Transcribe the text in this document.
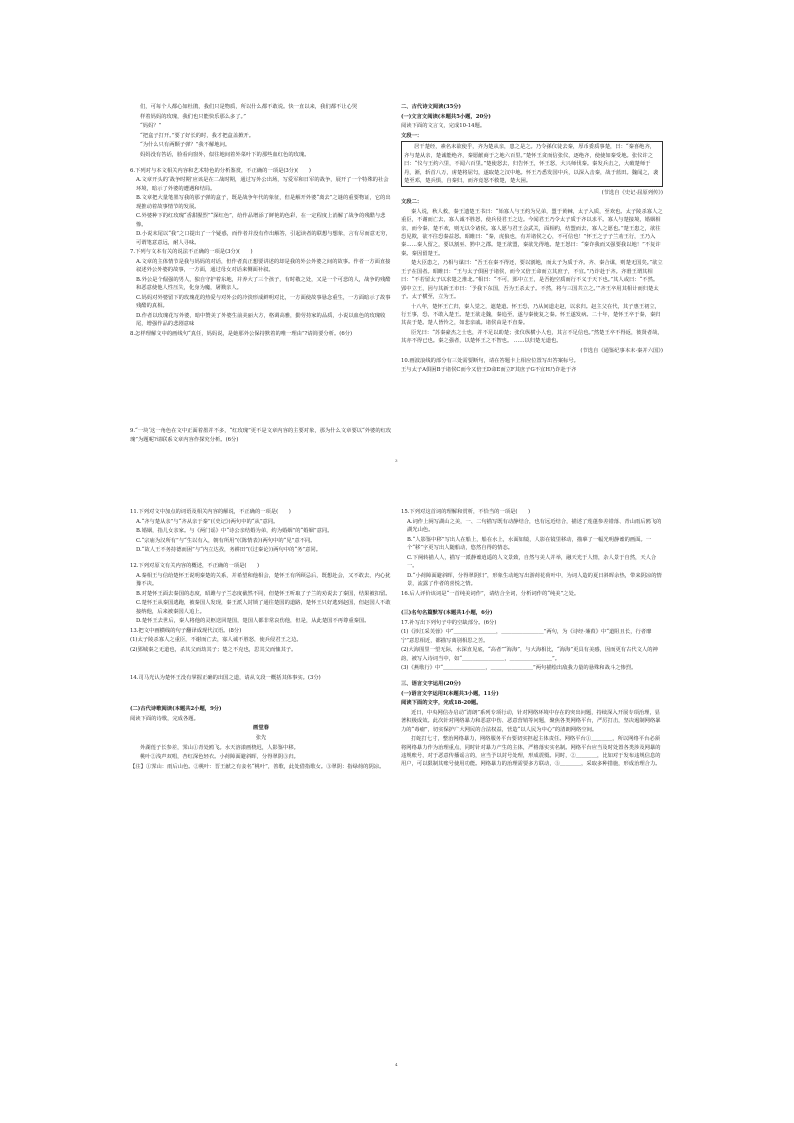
们，可每个人都心如杜鹃，我们只是物质，所以什么都不敢说。快一直以来，我们都不让心哭

样着妈妈的玫瑰，我们也只能快乐那么多了。”

“妈妈？”

“把盒子打开。”要了好长的时，我才把盒盖掀开。

“为什么只有两颗子弹？”我不解地问。

妈妈没有答话，脸看向窗外，似往地间着外菜叶下的那些血红色的玫瑰。

6.下列对与本文相关内容和艺术特色的分析鉴赏，不正确的一项是(3分)(　　)

A.文章开头的‘战争时期’应该是在二战时期，通过写外公出场，写爱军和日军的战争，展开了一个特殊的社会环境，暗示了外婆的遭遇和结局。

B.文章把大量笔墨写我的那子弹的盒子，既是战争年代的象征，但是解开外婆“离去”之谜的重要物证，它的出现推动着故事情节的发展。

C.外婆种下的红玫瑰“香甜腥烈”“深红色”，给作品增添了鲜艳的色彩，在一定程度上消解了战争的残酷与悲惨。

D.小说末尾以“我”之口提出了一个疑惑，而作者并没有作出解答，引起读者的联想与想象，言有尽而意无穷，可谓笔意意远，耐人寻味。

7.下列与文本有关的说法不正确的一项是(3分)(　　)

A.文章的主体情节是我与妈妈的对话，但作者真正想要讲述的却是我的外公外婆之间的故事。作者一方面直接叙述外公外婆的故事，一方面，通过母女对话来侧面补叙。

B.外公是个倔强的男人，独自守护着东地，并养大了三个孩子，有时敬之处，又是一个可悲的人，战争的残酷和恶意使他人性压失，化身为魔，屠戮亲人。

C.妈妈对外婆留下的玫瑰花的热爱与对外公的冷淡形成鲜明对比，一方面使故事悬念重生，一方面暗示了故事残酷的真相。

D.作者以玫瑰花写外婆，暗中赞美了外婆生前美丽大方，格调高雅，勤劳持家的品质，小说以血色的玫瑰收尾，增强作品的悲剧意味

8.怎样理解文中的画线句“真任，妈妈说，是她那外公保持默着的唯一理由”?请简要分析。(6分)

9.“一块‘这一角色在文中正面着墨并不多，“红玫瑰”更不是文章内容的主要对象，那为什么文章要以“外婆的红玫瑰”为题呢?请联系文章内容作探究分析。(6分)

二、古代诗文阅读(35分)

(一)文言文阅读(本题共5小题，20分)

阅读下面的文言文，完成10-14题。

文段一：

居干楚经，素名未欲使乎，齐为楚从亲，患之是之。乃令孫仪徒去秦，厚币委质事楚，曰：“秦喜绝齐，齐与楚从亲，楚诚能绝齐，秦愿献商于之地六百里。”楚怀王贪而信张仪，逐绝齐，使使如秦受地。张仪许之曰：“仪与王约六里，不闻六百里。”楚使怒去，归告怀王，怀王怒，大兴师伐秦。秦发兵击之，大破楚师于丹，淅，斩首八万，虏楚将屈匄，遂取楚之汉中地。怀王乃悉发国中兵，以深入击秦，战于蓝田。魏闻之，袭楚至邓，楚兵惧，自秦归，而齐竟怒不救楚，楚大困。

(节选自《史记·屈原列传》)

文段二：

秦人说，秋人救，秦王遗楚王书曰：“始寡人与王约为兄弟，盟于黄棘，太子入质，至欢也。太子陵杀寡人之重臣，不谢而亡去，寡人诚不胜怒，使兵侵君王之边。今闻君王乃令太子质于齐以求平。寡人与楚接境，婚姻相亲，而今秦、楚不欢，则无以令诸侯。寡人愿与君王会武关，面相约，结盟而去，寡人之愿也。”楚王患之，欲往恐见欺，欲不往恐秦益怒。昭睢曰：“秦，虎狼也，有并诸侯之心，不可信也！”怀王之子子兰劝王行，王乃入秦……秦人留之，要以割巫、黔中之郡。楚王欲盟，秦欲先得地。楚王怒曰：“秦诈我而又强要我以地！”不复许秦。秦因留楚王。

楚大臣患之，乃相与谋曰：“吾王在秦不得还，要以割地，而太子为质于齐。齐、秦合谋，则楚无国矣。”欲立王子在国者。昭睢曰：“王与太子俱困于诸侯，而今又倍王命而立其庶子，不宜。”乃诈赴于齐。齐湣王谓其相曰：“不若留太子以求楚之淮北。”相曰：“不可，郢中立王，是吾抱空质而行不义于天下也。”其人或曰：“不然。郢中立王，因与其新王市曰：‘予我下东国，吾为王杀太子。不然，将与三国共立之。’”齐王卒用其相计而归楚太子。太子横至，立为王。

十八年，楚怀王亡归，秦人觉之，遮楚道。怀王恐，乃从间道走赵，以求归。赵主父在代，其子惠王初立，行王事，恐，不敢入楚王。楚王欲走魏，秦追至，遂与秦使复之秦。怀王遂发病。二十年，楚怀王卒于秦，秦归其丧于楚。楚人皆怜之，如悲亲戚。诸侯由是不直秦。

臣光曰：“苏秦豪杰之士也，并不足以助楚；张仪纵横小人也，其言不足信也。”然楚王卒不得返，彼贤者哉，其亦不得已也。秦之强者，以楚怀王之不智也。 ……以归楚无道也。

(节选自《通鉴纪事本末·秦并六国》)

10.画波浪线的部分有三处需要断句，请在答题卡上相应位置写出答案标号。

王与太子A俱困B于诸侯C而今又倍王D命E而立F其庶子G不宜H乃诈赴于齐

3

11.下列对文中加点的词语及相关内容的解说，不正确的一项是(　　)

A.“齐与楚从亲”与“齐从亲于秦”(《史记》)两句中的“从”意同。

B.婚姻，指儿女亲家。与《两门谣》中“诗公亲结婚为弟，约为婚姻”的“婚姻”意同。

C.“宗庙为汉所有”与“生以有入，朝有所用”(《陈情表》)两句中的“见”意不同。

D.“故人王不务持德而困”与“内立达孜，务耕田”(《过秦论》)两句中的“务”意同。

12.下列对原文有关内容的概述，不正确的一项是(　　)

A.秦相王与信给楚怀王说明秦楚的关系，并希望和他相会，楚怀王有所顾忌后，既想赴会，又不敢去，内心犹豫不决。

B.对楚怀王面去秦国的态度，昭雎与子兰态度截然不同，但楚怀王听取了子兰的劝说去了秦国，结果被扣留。

C.楚怀王从秦国逃跑，被秦国人发现，秦王派人封锁了通往楚国的道路，楚怀王只好逃到赵国，但赵国人不敢接纳他，后来被秦国人追上。

D.楚怀王去世后，秦人将他的灵柩送回楚国，楚国人都非常哀伤他，但是，从此楚国不再尊重秦国。

13.把文中画横线的句子翻译成现代汉语。(8分)

(1)太子陵杀寡人之重臣，不谢而亡去，寡人诚不胜怒，使兵侵君王之边。

(2)郢城秦之无道也，杀其父而劫其子；楚之不克也，思其父而恤其子。

14.司马光认为楚怀王没有掌握正确的出国之道，请从文段一概括其体事实。(3分)

(二)古代诗歌阅读(本题共2小题，9分)

阅读下面的诗歌，完成各题。

画堂春

张先

外湖莲子长参差，霁山①青处鸥飞。水天溶漾画桡迟，人影鉴中移。

桃叶②浅声双唱，杏红深色轻衣。小荷障面避斜晖，分得翠阴③归。

【注】①霁山：雨后山色。②桃叶：晋王献之有妾名“桃叶”，善歌，此处借指歌女。③翠阴：指绿荷的阴凉。

15.下列对这首词的理解和赏析，不恰当的一项是(　　)

A.词作上阕写湖山之美，一、二句描写既有动静结合，也有远近结合，描述了莲蓬参差错落、青山雨后鸥飞的湖光山色。

B.“人影鉴中移”写出人在船上，船在水上，水面如镜，人影在镜里移动，描摹了一幅光明静谧的画面。一个“移”字更写出人随船动，悠然自得的情态。

C.下阕转描人人，描写一派静谧逍遥的人文景致，自然与美人并举，融天光于人情，杂人景于自然，天人合一。

D.“小荷障面避斜晖，分得翠阴归”，形象生动地写出游荷花荷叶中，为词人造的夏日斜晖余热，带来阴凉的情景，流露了作者的喜悦之情。

16.后人评价该词是“一首纯美词作”，请结合全词，分析词作的“纯美”之处。

(三)名句名篇默写(本题共1小题，6分)

17.补写出下列句子中的空缺部分。(6分)

(1)《涉江采芙蓉》中“＿＿＿＿＿＿＿＿，＿＿＿＿＿＿＿＿”两句，为《诗经·蒹葭》中“道阻且长，行者靡宁”意思相近，都描写离别相思之苦。

(2)大海围里一望无际，水深直见底，“高者”“海海”，与大海相比，“海海”更具有美感，因而更有古代文人的神韵，被写入诗词当中，如“＿＿＿＿＿＿＿＿，＿＿＿＿＿＿＿＿”。

(3)《燕歌行》中“＿＿＿＿＿＿＿＿，＿＿＿＿＿＿＿＿”两句描绘出敌我力量的悬殊和战斗之惨烈。

三、语言文字运用(20分)

(一)语言文字运用Ⅰ(本题共3小题，11分)

阅读下面的文字，完成18-20题。

近日，中央网信办启动“清朗”系列专项行动，针对网络环境中存在的突出问题，持续深入开展专项治理，显著积极成效。此次针对网络暴力和恶意中伤、恶意营销等问题，聚焦各类网络平台，严厉打击，坚决遏制网络暴力的“毒瘤”，切实保护广大网民的合法权益，营造“以人民为中心”的清朗网络空间。

打蛇打七寸，整治网络暴力，网络服务平台要切实担起主体责任。网络平台①＿＿＿＿，所以网络平台必须将网络暴力作为治理重点，同时针对暴力产生的主体，严格落实实名制。网络平台应当及时处置各类涉及网暴的违规账号，对于恶意传播谣言的，应当予以封号处理，形成震慑。同时，②＿＿＿＿，比如对于发布违规信息的用户，可以限制其账号使用功能。网络暴力的治理需要多方联动，③＿＿＿＿，采取多种措施，形成治理合力。

4
